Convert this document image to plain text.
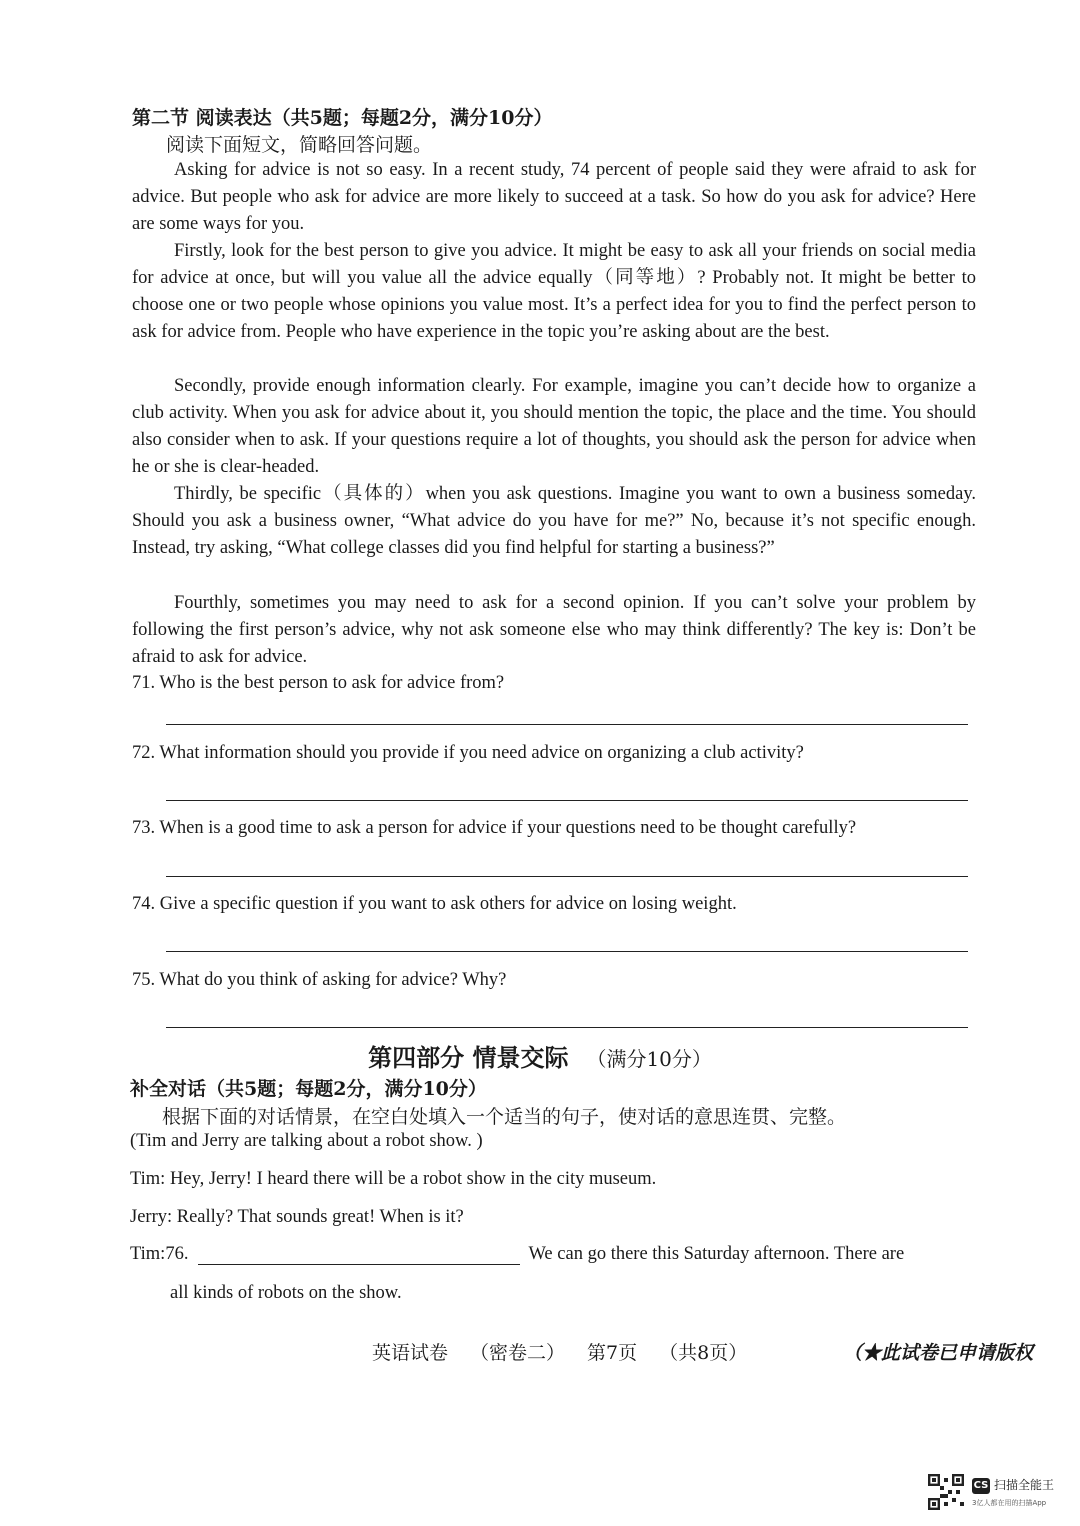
第二节 阅读表达（共5题；每题2分，满分10分）
阅读下面短文，简略回答问题。

Asking for advice is not so easy. In a recent study, 74 percent of people said they were afraid to ask for advice. But people who ask for advice are more likely to succeed at a task. So how do you ask for advice? Here are some ways for you.

Firstly, look for the best person to give you advice. It might be easy to ask all your friends on social media for advice at once, but will you value all the advice equally（同等地）? Probably not. It might be better to choose one or two people whose opinions you value most. It’s a perfect idea for you to find the perfect person to ask for advice from. People who have experience in the topic you’re asking about are the best.

Secondly, provide enough information clearly. For example, imagine you can’t decide how to organize a club activity. When you ask for advice about it, you should mention the topic, the place and the time. You should also consider when to ask. If your questions require a lot of thoughts, you should ask the person for advice when he or she is clear-headed.

Thirdly, be specific（具体的）when you ask questions. Imagine you want to own a business someday. Should you ask a business owner, “What advice do you have for me?” No, because it’s not specific enough. Instead, try asking, “What college classes did you find helpful for starting a business?”

Fourthly, sometimes you may need to ask for a second opinion. If you can’t solve your problem by following the first person’s advice, why not ask someone else who may think differently? The key is: Don’t be afraid to ask for advice.

71. Who is the best person to ask for advice from?
72. What information should you provide if you need advice on organizing a club activity?
73. When is a good time to ask a person for advice if your questions need to be thought carefully?
74. Give a specific question if you want to ask others for advice on losing weight.
75. What do you think of asking for advice? Why?
第四部分 情景交际 （满分10分）
补全对话（共5题；每题2分，满分10分）
根据下面的对话情景，在空白处填入一个适当的句子，使对话的意思连贯、完整。
(Tim and Jerry are talking about a robot show. )
Tim: Hey, Jerry! I heard there will be a robot show in the city museum.
Jerry: Really? That sounds great! When is it?
Tim:76.	We can go there this Saturday afternoon. There are
all kinds of robots on the show.
英语试卷 （密卷二） 第7页 （共8页）	（★此试卷已申请版权
CS 扫描全能王
3亿人都在用的扫描App
